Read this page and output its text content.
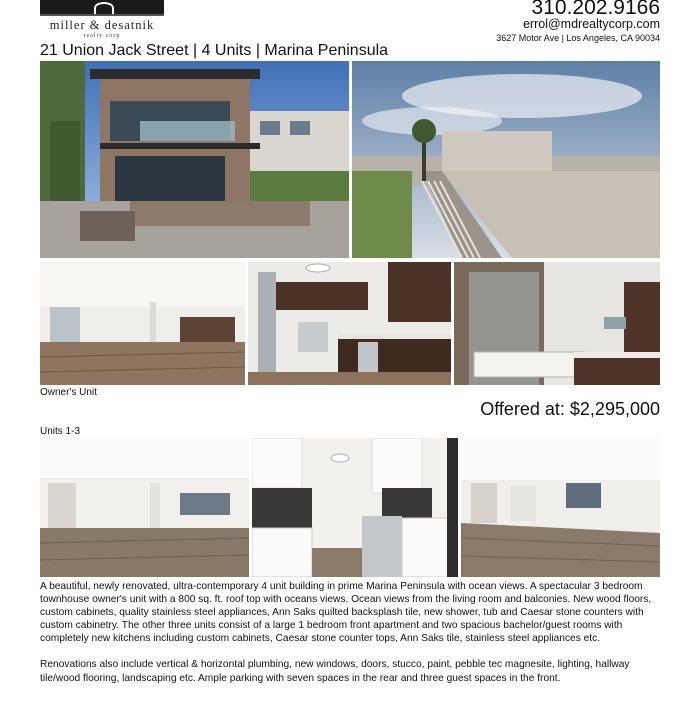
miller & desatnik
realty corp
21 Union Jack Street | 4 Units | Marina Peninsula
310.202.9166
errol@mdrealtycorp.com
3627 Motor Ave | Los Angeles, CA 90034
Owner's Unit
Offered at: $2,295,000
Units 1-3

A beautiful, newly renovated, ultra-contemporary 4 unit building in prime Marina Peninsula with ocean views. A spectacular 3 bedroom townhouse owner's unit with a 800 sq. ft. roof top with oceans views. Ocean views from the living room and balconies. New wood floors, custom cabinets, quality stainless steel appliances, Ann Saks quilted backsplash tile, new shower, tub and Caesar stone counters with custom cabinetry. The other three units consist of a large 1 bedroom front apartment and two spacious bachelor/guest rooms with completely new kitchens including custom cabinets, Caesar stone counter tops, Ann Saks tile, stainless steel appliances etc.

Renovations also include vertical & horizontal plumbing, new windows, doors, stucco, paint, pebble tec magnesite, lighting, hallway tile/wood flooring, landscaping etc. Ample parking with seven spaces in the rear and three guest spaces in the front.
